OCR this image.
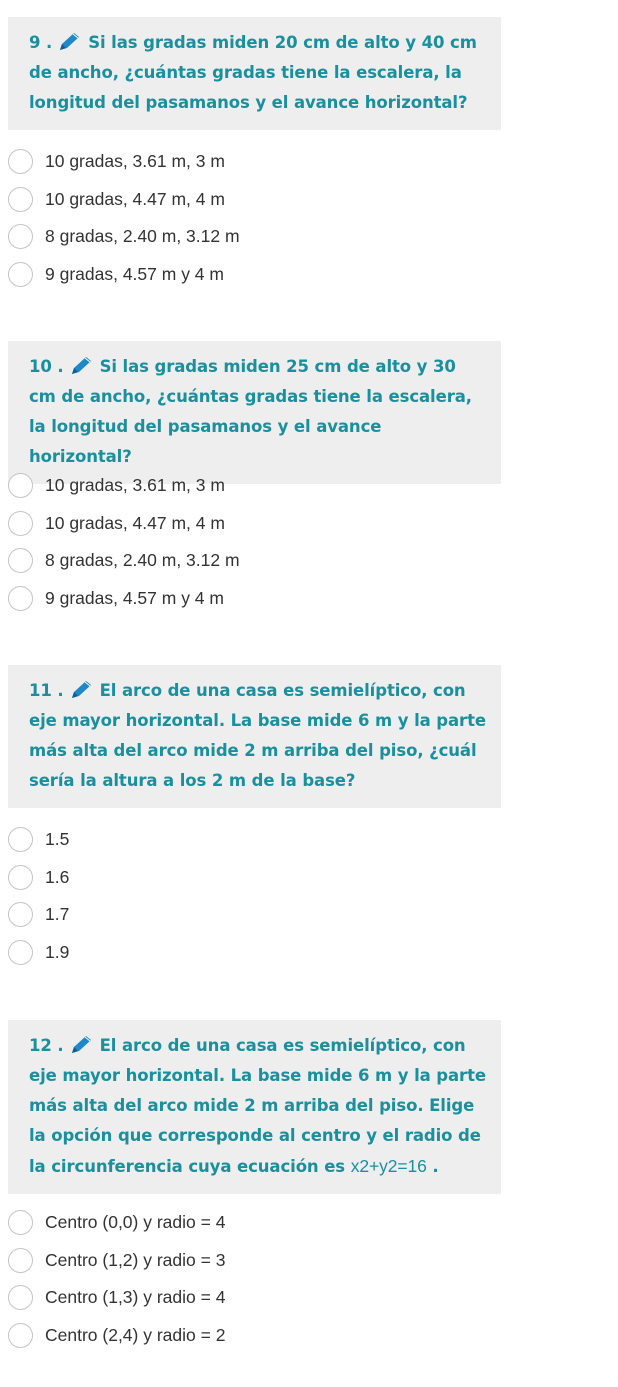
9 . Si las gradas miden 20 cm de alto y 40 cm de ancho, ¿cuántas gradas tiene la escalera, la longitud del pasamanos y el avance horizontal?

10 gradas, 3.61 m, 3 m
10 gradas, 4.47 m, 4 m
8 gradas, 2.40 m, 3.12 m
9 gradas, 4.57 m y 4 m

10 . Si las gradas miden 25 cm de alto y 30 cm de ancho, ¿cuántas gradas tiene la escalera, la longitud del pasamanos y el avance horizontal?

10 gradas, 3.61 m, 3 m
10 gradas, 4.47 m, 4 m
8 gradas, 2.40 m, 3.12 m
9 gradas, 4.57 m y 4 m

11 . El arco de una casa es semielíptico, con eje mayor horizontal. La base mide 6 m y la parte más alta del arco mide 2 m arriba del piso, ¿cuál sería la altura a los 2 m de la base?

1.5
1.6
1.7
1.9

12 . El arco de una casa es semielíptico, con eje mayor horizontal. La base mide 6 m y la parte más alta del arco mide 2 m arriba del piso. Elige la opción que corresponde al centro y el radio de la circunferencia cuya ecuación es x2+y2=16 .

Centro (0,0) y radio = 4
Centro (1,2) y radio = 3
Centro (1,3) y radio = 4
Centro (2,4) y radio = 2
